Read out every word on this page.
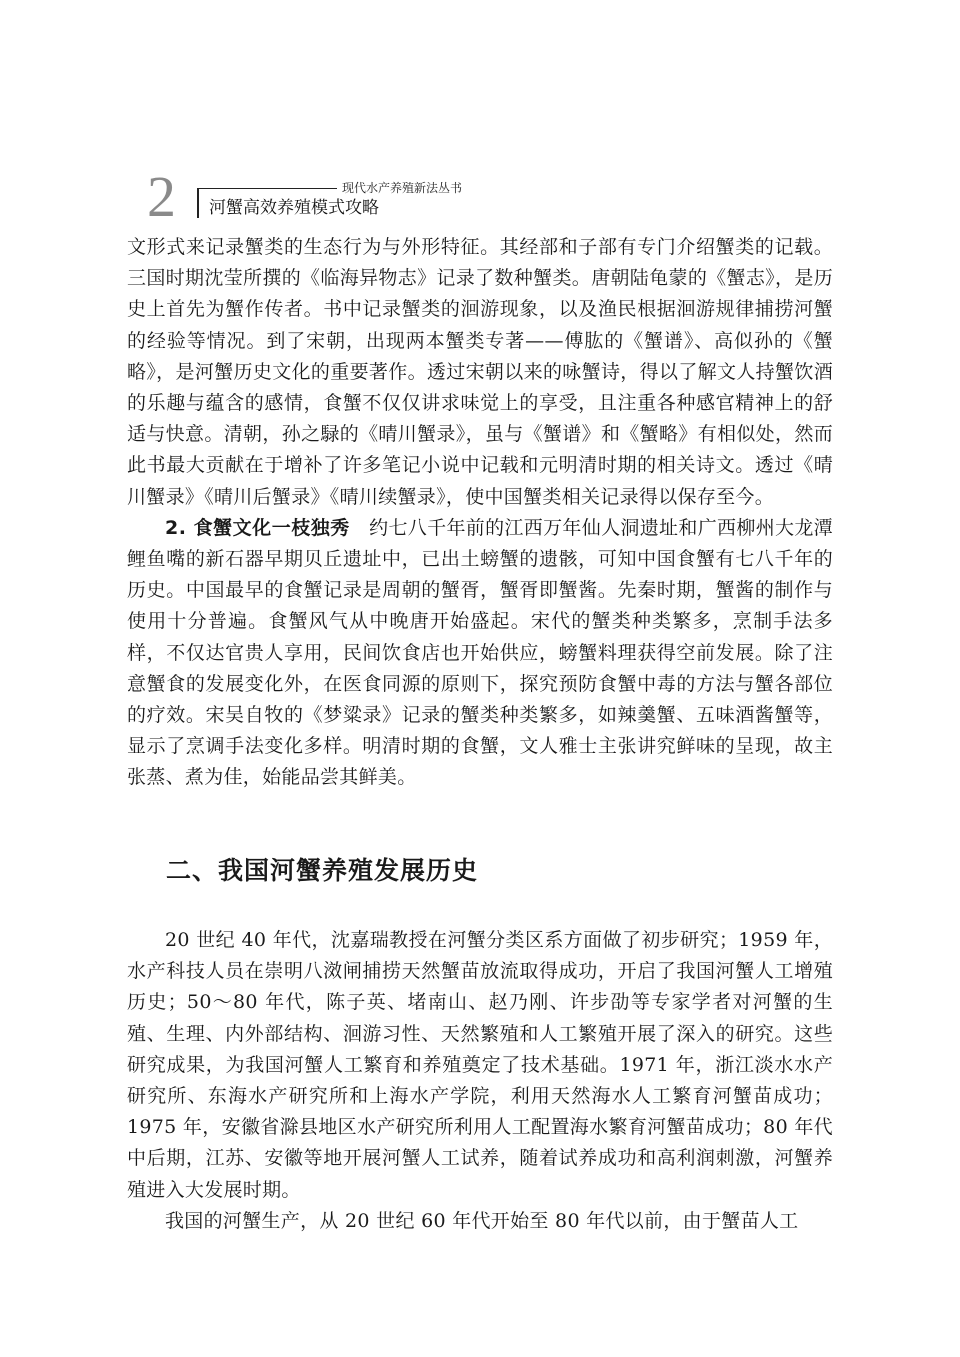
2	现代水产养殖新法丛书
河蟹高效养殖模式攻略

文形式来记录蟹类的生态行为与外形特征。其经部和子部有专门介绍蟹类的记载。三国时期沈莹所撰的《临海异物志》记录了数种蟹类。唐朝陆龟蒙的《蟹志》，是历史上首先为蟹作传者。书中记录蟹类的洄游现象，以及渔民根据洄游规律捕捞河蟹的经验等情况。到了宋朝，出现两本蟹类专著——傅肱的《蟹谱》、高似孙的《蟹略》，是河蟹历史文化的重要著作。透过宋朝以来的咏蟹诗，得以了解文人持蟹饮酒的乐趣与蕴含的感情，食蟹不仅仅讲求味觉上的享受，且注重各种感官精神上的舒适与快意。清朝，孙之騄的《晴川蟹录》，虽与《蟹谱》和《蟹略》有相似处，然而此书最大贡献在于增补了许多笔记小说中记载和元明清时期的相关诗文。透过《晴川蟹录》《晴川后蟹录》《晴川续蟹录》，使中国蟹类相关记录得以保存至今。

2. 食蟹文化一枝独秀　 约七八千年前的江西万年仙人洞遗址和广西柳州大龙潭鲤鱼嘴的新石器早期贝丘遗址中，已出土螃蟹的遗骸，可知中国食蟹有七八千年的历史。中国最早的食蟹记录是周朝的蟹胥，蟹胥即蟹酱。先秦时期，蟹酱的制作与使用十分普遍。食蟹风气从中晚唐开始盛起。宋代的蟹类种类繁多，烹制手法多样，不仅达官贵人享用，民间饮食店也开始供应，螃蟹料理获得空前发展。除了注意蟹食的发展变化外，在医食同源的原则下，探究预防食蟹中毒的方法与蟹各部位的疗效。宋吴自牧的《梦粱录》记录的蟹类种类繁多，如辣羹蟹、五味酒酱蟹等，显示了烹调手法变化多样。明清时期的食蟹，文人雅士主张讲究鲜味的呈现，故主张蒸、煮为佳，始能品尝其鲜美。

二、我国河蟹养殖发展历史

20 世纪 40 年代，沈嘉瑞教授在河蟹分类区系方面做了初步研究；1959 年，水产科技人员在崇明八滧闸捕捞天然蟹苗放流取得成功，开启了我国河蟹人工增殖历史；50～80 年代，陈子英、堵南山、赵乃刚、许步劭等专家学者对河蟹的生殖、生理、内外部结构、洄游习性、天然繁殖和人工繁殖开展了深入的研究。这些研究成果，为我国河蟹人工繁育和养殖奠定了技术基础。1971 年，浙江淡水水产研究所、东海水产研究所和上海水产学院，利用天然海水人工繁育河蟹苗成功；1975 年，安徽省滁县地区水产研究所利用人工配置海水繁育河蟹苗成功；80 年代中后期，江苏、安徽等地开展河蟹人工试养，随着试养成功和高利润刺激，河蟹养殖进入大发展时期。

我国的河蟹生产，从 20 世纪 60 年代开始至 80 年代以前，由于蟹苗人工
